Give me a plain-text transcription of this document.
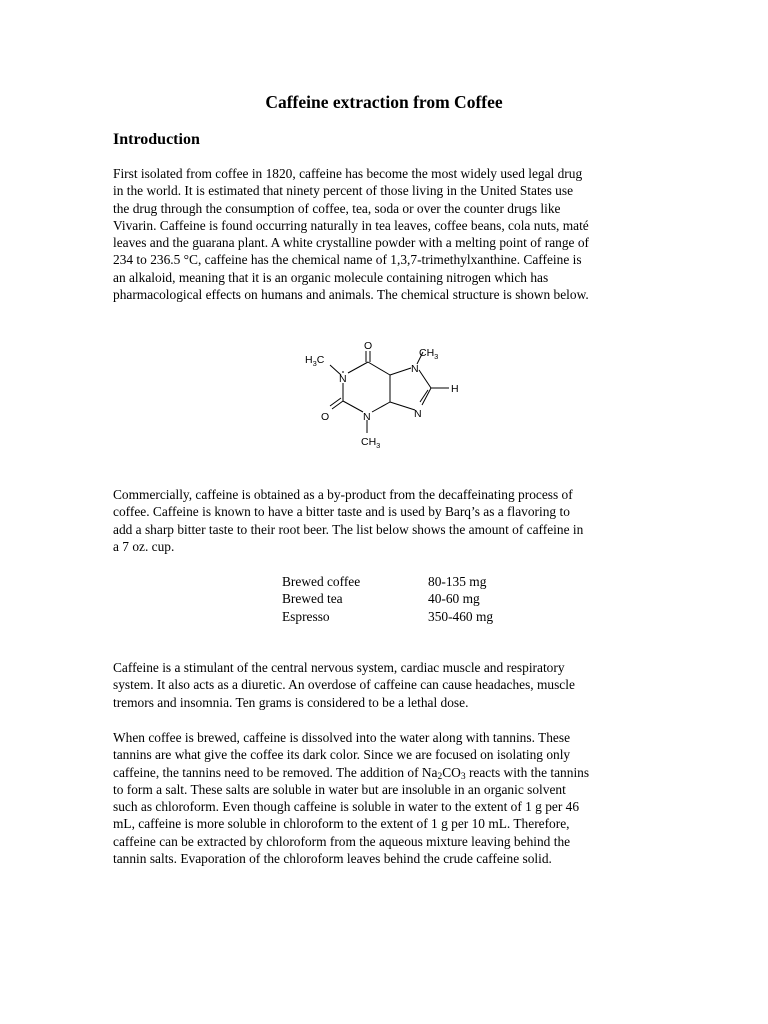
Caffeine extraction from Coffee
Introduction
First isolated from coffee in 1820, caffeine has become the most widely used legal drug
in the world. It is estimated that ninety percent of those living in the United States use
the drug through the consumption of coffee, tea, soda or over the counter drugs like
Vivarin. Caffeine is found occurring naturally in tea leaves, coffee beans, cola nuts, maté
leaves and the guarana plant. A white crystalline powder with a melting point of range of
234 to 236.5 °C, caffeine has the chemical name of 1,3,7-trimethylxanthine. Caffeine is
an alkaloid, meaning that it is an organic molecule containing nitrogen which has
pharmacological effects on humans and animals. The chemical structure is shown below.
$H_3C$
O
$CH_3$
N
N
H
N
N
O
$CH_3$
Commercially, caffeine is obtained as a by-product from the decaffeinating process of
coffee. Caffeine is known to have a bitter taste and is used by Barq’s as a flavoring to
add a sharp bitter taste to their root beer. The list below shows the amount of caffeine in
a 7 oz. cup.
Brewed coffee	80-135 mg
Brewed tea	40-60 mg
Espresso	350-460 mg
Caffeine is a stimulant of the central nervous system, cardiac muscle and respiratory
system. It also acts as a diuretic. An overdose of caffeine can cause headaches, muscle
tremors and insomnia. Ten grams is considered to be a lethal dose.
When coffee is brewed, caffeine is dissolved into the water along with tannins. These
tannins are what give the coffee its dark color. Since we are focused on isolating only
caffeine, the tannins need to be removed. The addition of $Na_2CO_3$ reacts with the tannins
to form a salt. These salts are soluble in water but are insoluble in an organic solvent
such as chloroform. Even though caffeine is soluble in water to the extent of 1 g per 46
mL, caffeine is more soluble in chloroform to the extent of 1 g per 10 mL. Therefore,
caffeine can be extracted by chloroform from the aqueous mixture leaving behind the
tannin salts. Evaporation of the chloroform leaves behind the crude caffeine solid.
